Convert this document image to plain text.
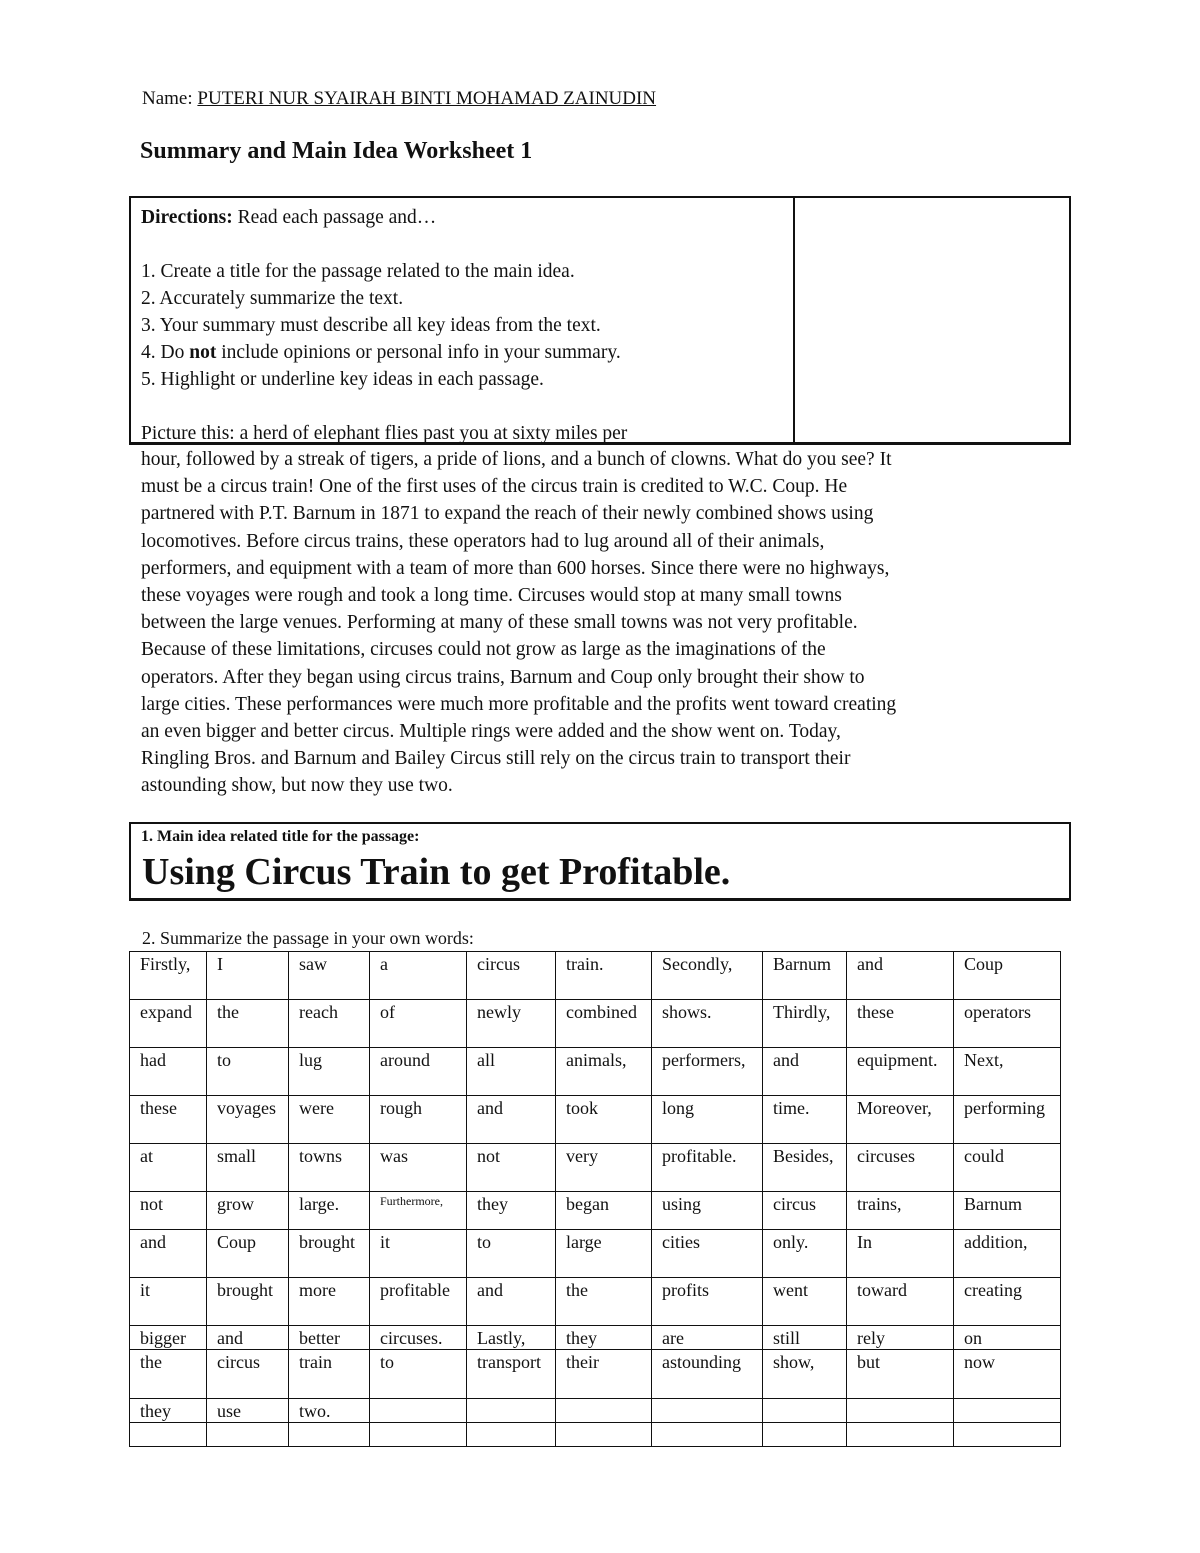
Name: PUTERI NUR SYAIRAH BINTI MOHAMAD ZAINUDIN
Summary and Main Idea Worksheet 1

Directions: Read each passage and…

1. Create a title for the passage related to the main idea.

2. Accurately summarize the text.

3. Your summary must describe all key ideas from the text.

4. Do not include opinions or personal info in your summary.

5. Highlight or underline key ideas in each passage.

Picture this: a herd of elephant flies past you at sixty miles per

hour, followed by a streak of tigers, a pride of lions, and a bunch of clowns. What do you see? It
must be a circus train! One of the first uses of the circus train is credited to W.C. Coup. He
partnered with P.T. Barnum in 1871 to expand the reach of their newly combined shows using
locomotives. Before circus trains, these operators had to lug around all of their animals,
performers, and equipment with a team of more than 600 horses. Since there were no highways,
these voyages were rough and took a long time. Circuses would stop at many small towns
between the large venues. Performing at many of these small towns was not very profitable.
Because of these limitations, circuses could not grow as large as the imaginations of the
operators. After they began using circus trains, Barnum and Coup only brought their show to
large cities. These performances were much more profitable and the profits went toward creating
an even bigger and better circus. Multiple rings were added and the show went on. Today,
Ringling Bros. and Barnum and Bailey Circus still rely on the circus train to transport their
astounding show, but now they use two.
1. Main idea related title for the passage:
Using Circus Train to get Profitable.
2. Summarize the passage in your own words:
Firstly,	I	saw	a	circus	train.	Secondly,	Barnum	and	Coup
expand	the	reach	of	newly	combined	shows.	Thirdly,	these	operators
had	to	lug	around	all	animals,	performers,	and	equipment.	Next,
these	voyages	were	rough	and	took	long	time.	Moreover,	performing
at	small	towns	was	not	very	profitable.	Besides,	circuses	could
not	grow	large.	Furthermore,	they	began	using	circus	trains,	Barnum
and	Coup	brought	it	to	large	cities	only.	In	addition,
it	brought	more	profitable	and	the	profits	went	toward	creating
bigger	and	better	circuses.	Lastly,	they	are	still	rely	on
the	circus	train	to	transport	their	astounding	show,	but	now
they	use	two.							
